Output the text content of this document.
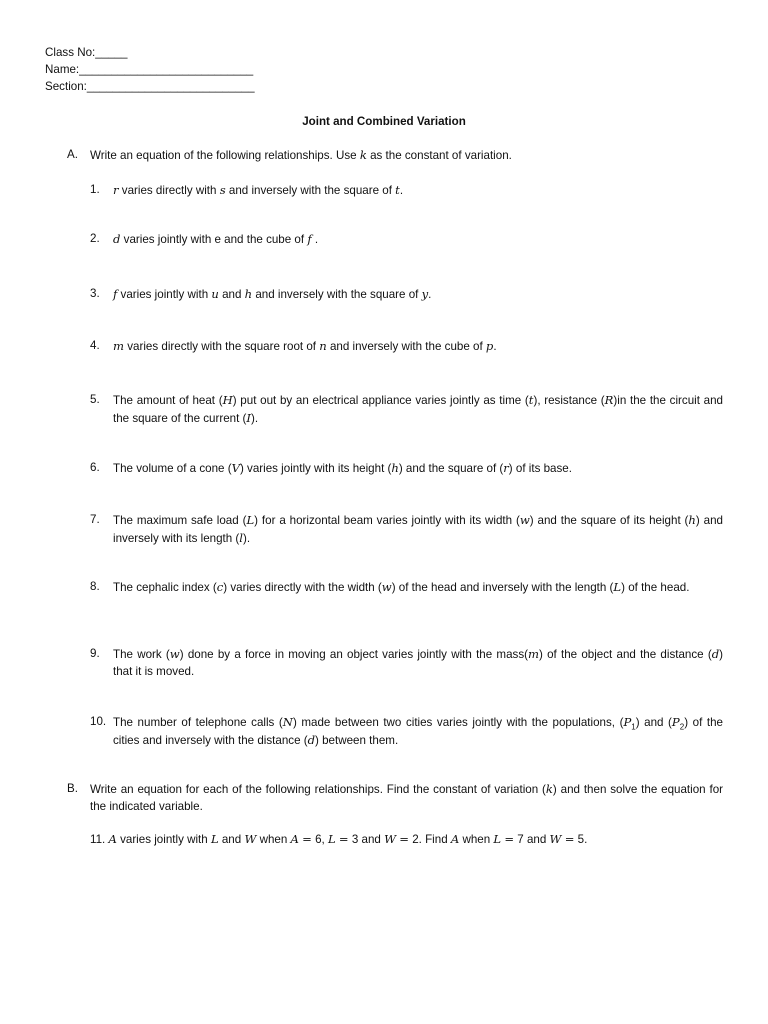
Class No:_____
Name:___________________________
Section:__________________________
Joint and Combined Variation
A. Write an equation of the following relationships. Use k as the constant of variation.
1. r varies directly with s and inversely with the square of t.
2. d varies jointly with e and the cube of f .
3. f varies jointly with u and h and inversely with the square of y.
4. m varies directly with the square root of n and inversely with the cube of p.
5. The amount of heat (H) put out by an electrical appliance varies jointly as time (t), resistance (R)in the the circuit and the square of the current (I).
6. The volume of a cone (V) varies jointly with its height (h) and the square of (r) of its base.
7. The maximum safe load (L) for a horizontal beam varies jointly with its width (w) and the square of its height (h) and inversely with its length (l).
8. The cephalic index (c) varies directly with the width (w) of the head and inversely with the length (L) of the head.
9. The work (w) done by a force in moving an object varies jointly with the mass(m) of the object and the distance (d) that it is moved.
10. The number of telephone calls (N) made between two cities varies jointly with the populations, $(P_1)$ and $(P_2)$ of the cities and inversely with the distance (d) between them.
B. Write an equation for each of the following relationships. Find the constant of variation (k) and then solve the equation for the indicated variable.
11. A varies jointly with L and W when A = 6, L = 3 and W = 2. Find A when L = 7 and W = 5.
